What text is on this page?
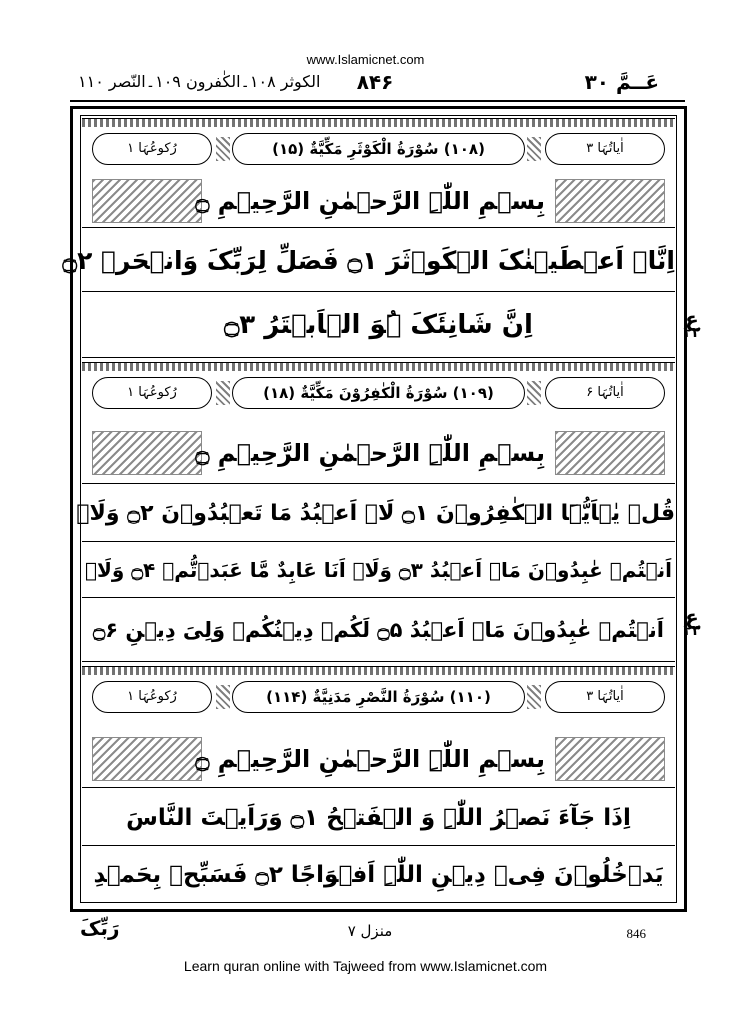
www.Islamicnet.com
الکوثر ۱۰۸۔الکٰفرون ۱۰۹۔النّصر ۱۱۰	۸۴۶	عَــمَّ ۳۰
رُکوعُہَا ۱	(۱۰۸) سُوْرَةُ الْكَوْثَرِ مَكِّيَّةٌ (۱۵)	اٰیاتُہَا ۳
بِسۡمِ اللّٰہِ الرَّحۡمٰنِ الرَّحِیۡمِ ۝
اِنَّاۤ اَعۡطَیۡنٰکَ الۡکَوۡثَرَ ۝۱ فَصَلِّ لِرَبِّکَ وَانۡحَرۡ ۝۲
اِنَّ شَانِئَکَ ہُوَ الۡاَبۡتَرُ ۝۳
رُکوعُہَا ۱	(۱۰۹) سُوْرَةُ الْكٰفِرُوْنَ مَكِّيَّةٌ (۱۸)	اٰیاتُہَا ۶
بِسۡمِ اللّٰہِ الرَّحۡمٰنِ الرَّحِیۡمِ ۝
قُلۡ یٰۤاَیُّہَا الۡکٰفِرُوۡنَ ۝۱ لَاۤ اَعۡبُدُ مَا تَعۡبُدُوۡنَ ۝۲ وَلَاۤ
اَنۡتُمۡ عٰبِدُوۡنَ مَاۤ اَعۡبُدُ ۝۳ وَلَاۤ اَنَا عَابِدٌ مَّا عَبَدۡتُّمۡ ۝۴ وَلَاۤ
اَنۡتُمۡ عٰبِدُوۡنَ مَاۤ اَعۡبُدُ ۝۵ لَکُمۡ دِیۡنُکُمۡ وَلِیَ دِیۡنِ ۝۶
رُکوعُہَا ۱	(۱۱۰) سُوْرَةُ النَّصْرِ مَدَنِيَّةٌ (۱۱۴)	اٰیاتُہَا ۳
بِسۡمِ اللّٰہِ الرَّحۡمٰنِ الرَّحِیۡمِ ۝
اِذَا جَآءَ نَصۡرُ اللّٰہِ وَ الۡفَتۡحُ ۝۱ وَرَاَیۡتَ النَّاسَ
یَدۡخُلُوۡنَ فِیۡ دِیۡنِ اللّٰہِ اَفۡوَاجًا ۝۲ فَسَبِّحۡ بِحَمۡدِ
ع
۲۲
ع
۲۳
رَبِّکَ	منزل ۷	846
Learn quran online with Tajweed from www.Islamicnet.com
